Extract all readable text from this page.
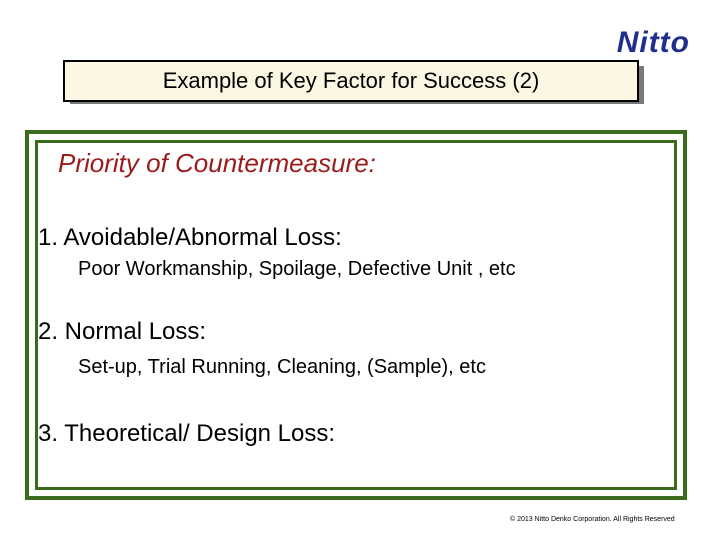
Nitto
Example of Key Factor for Success (2)
Priority of Countermeasure:
1. Avoidable/Abnormal Loss:
Poor Workmanship, Spoilage, Defective Unit , etc
2. Normal Loss:
Set-up, Trial Running, Cleaning, (Sample), etc
3. Theoretical/ Design Loss:
© 2013 Nitto Denko Corporation. All Rights Reserved
